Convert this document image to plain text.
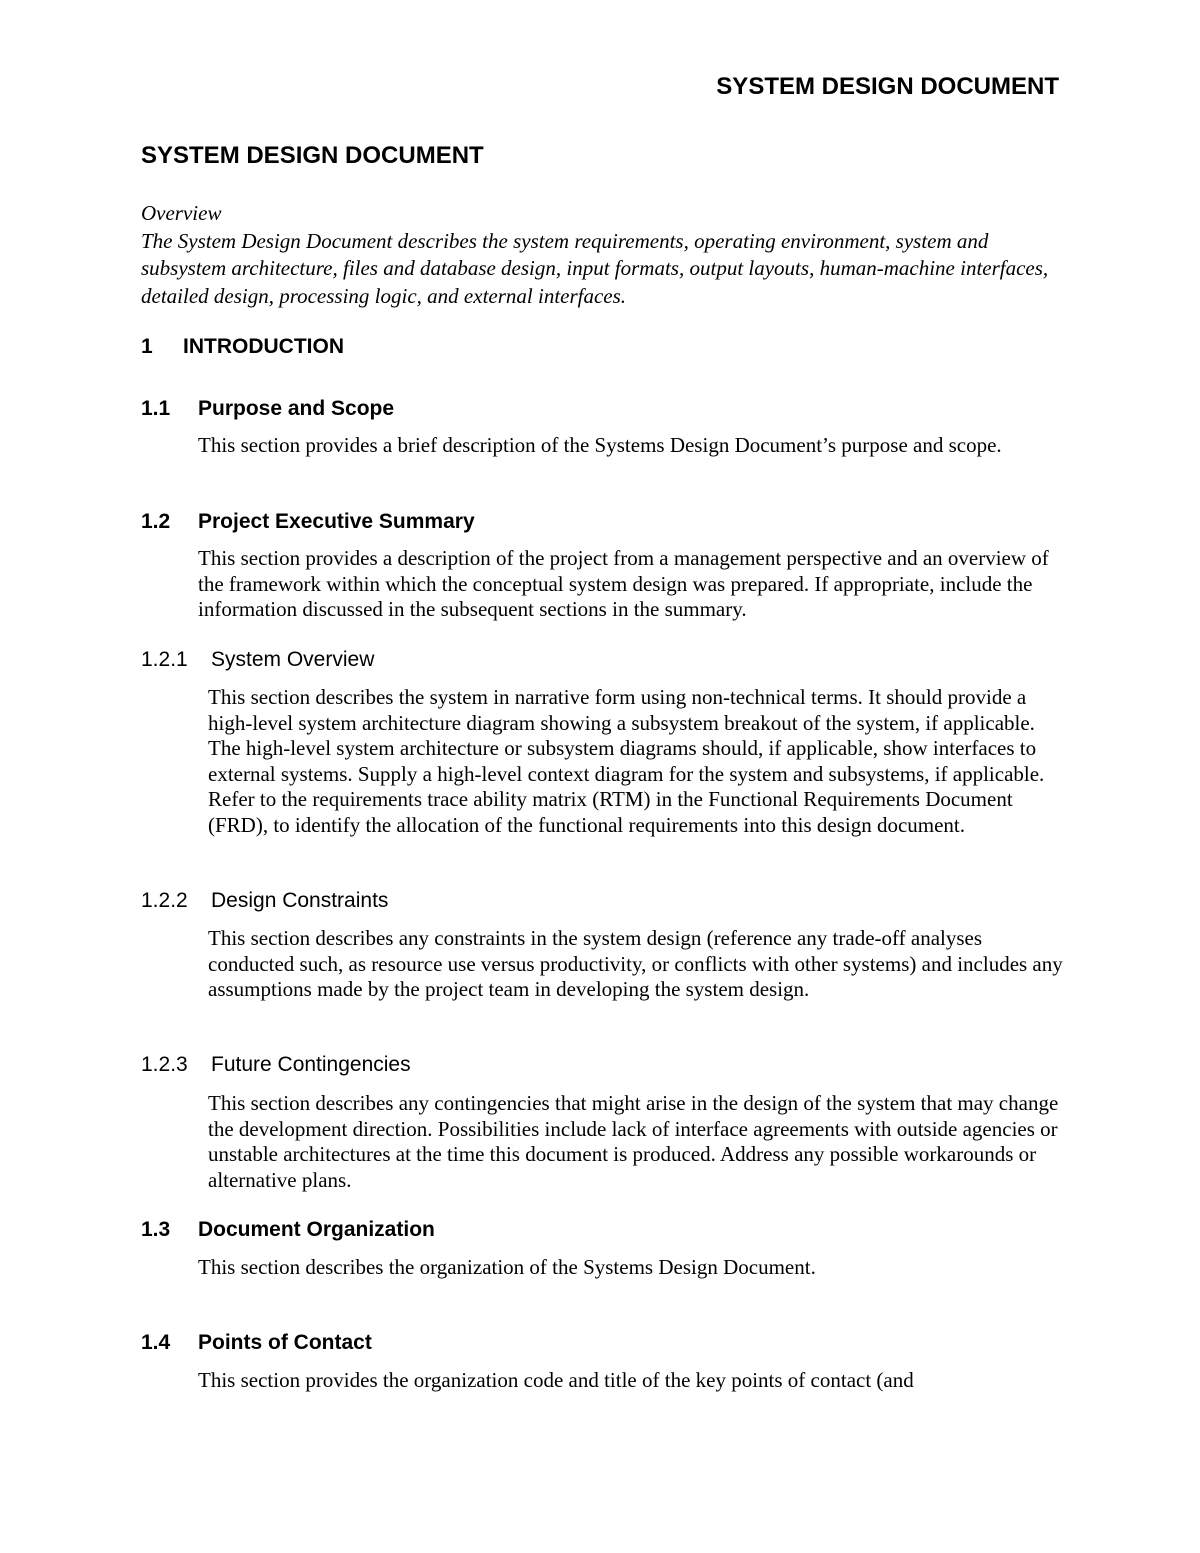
SYSTEM DESIGN DOCUMENT
SYSTEM DESIGN DOCUMENT

Overview

The System Design Document describes the system requirements, operating environment, system and subsystem architecture, files and database design, input formats, output layouts, human-machine interfaces, detailed design, processing logic, and external interfaces.

1	INTRODUCTION
1.1	Purpose and Scope

This section provides a brief description of the Systems Design Document’s purpose and scope.

1.2	Project Executive Summary

This section provides a description of the project from a management perspective and an overview of the framework within which the conceptual system design was prepared. If appropriate, include the information discussed in the subsequent sections in the summary.

1.2.1	System Overview

This section describes the system in narrative form using non-technical terms. It should provide a high-level system architecture diagram showing a subsystem breakout of the system, if applicable. The high-level system architecture or subsystem diagrams should, if applicable, show interfaces to external systems. Supply a high-level context diagram for the system and subsystems, if applicable. Refer to the requirements trace ability matrix (RTM) in the Functional Requirements Document (FRD), to identify the allocation of the functional requirements into this design document.

1.2.2	Design Constraints

This section describes any constraints in the system design (reference any trade-off analyses conducted such, as resource use versus productivity, or conflicts with other systems) and includes any assumptions made by the project team in developing the system design.

1.2.3	Future Contingencies

This section describes any contingencies that might arise in the design of the system that may change the development direction. Possibilities include lack of interface agreements with outside agencies or unstable architectures at the time this document is produced. Address any possible workarounds or alternative plans.

1.3	Document Organization

This section describes the organization of the Systems Design Document.

1.4	Points of Contact

This section provides the organization code and title of the key points of contact (and
